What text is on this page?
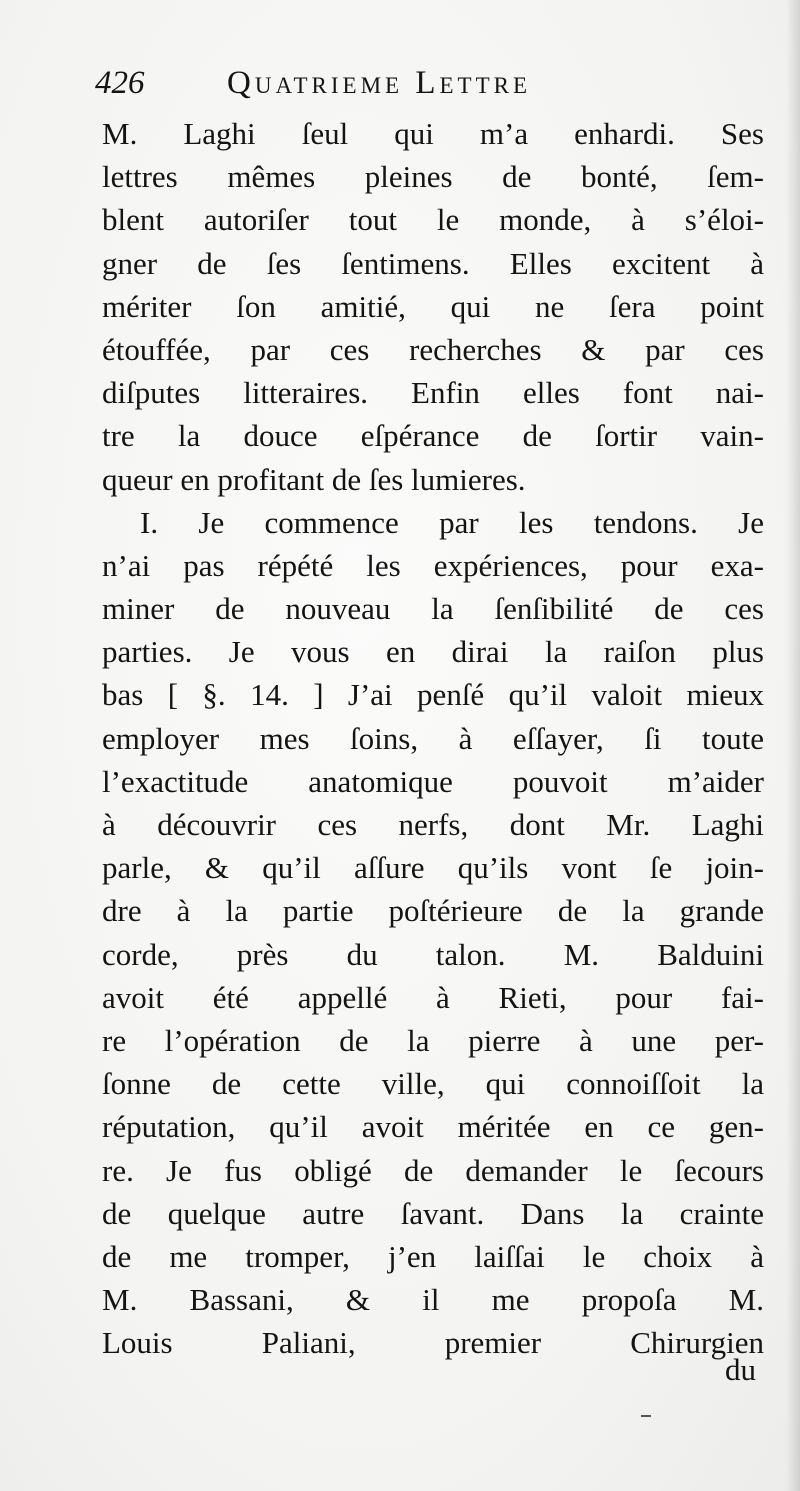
426	Quatrieme Lettre
M. Laghi ſeul qui m’a enhardi. Ses
lettres mêmes pleines de bonté, ſem-
blent autoriſer tout le monde, à s’éloi-
gner de ſes ſentimens. Elles excitent à
mériter ſon amitié, qui ne ſera point
étouffée, par ces recherches & par ces
diſputes litteraires. Enfin elles font nai-
tre la douce eſpérance de ſortir vain-
queur en profitant de ſes lumieres.
I. Je commence par les tendons. Je
n’ai pas répété les expériences, pour exa-
miner de nouveau la ſenſibilité de ces
parties. Je vous en dirai la raiſon plus
bas [ §. 14. ] J’ai penſé qu’il valoit mieux
employer mes ſoins, à eſſayer, ſi toute
l’exactitude anatomique pouvoit m’aider
à découvrir ces nerfs, dont Mr. Laghi
parle, & qu’il aſſure qu’ils vont ſe join-
dre à la partie poſtérieure de la grande
corde, près du talon. M. Balduini
avoit été appellé à Rieti, pour fai-
re l’opération de la pierre à une per-
ſonne de cette ville, qui connoiſſoit la
réputation, qu’il avoit méritée en ce gen-
re. Je fus obligé de demander le ſecours
de quelque autre ſavant. Dans la crainte
de me tromper, j’en laiſſai le choix à
M. Bassani, & il me propoſa M.
Louis Paliani, premier Chirurgien
du
